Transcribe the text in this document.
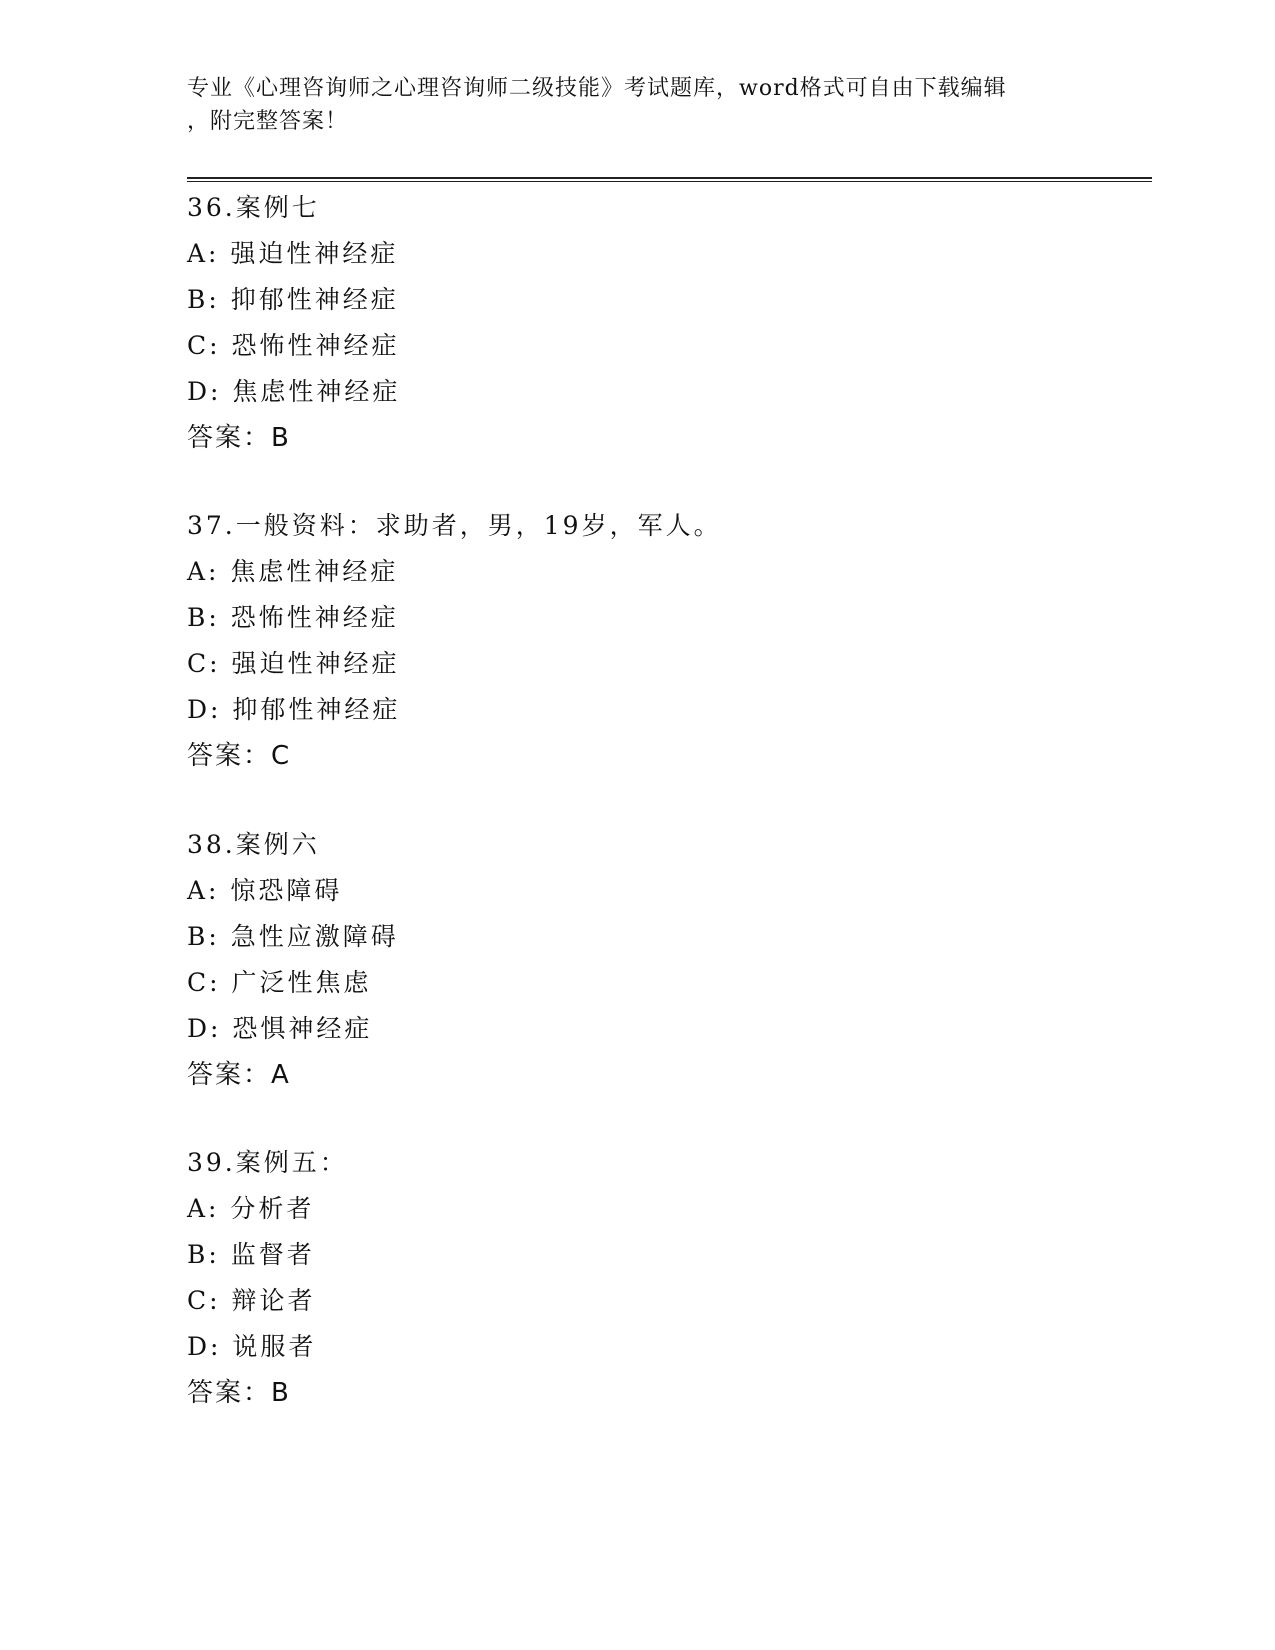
专业《心理咨询师之心理咨询师二级技能》考试题库，word格式可自由下载编辑
，附完整答案！
36.案例七
A: 强迫性神经症
B: 抑郁性神经症
C: 恐怖性神经症
D: 焦虑性神经症
答案：B
37.一般资料：求助者，男，19岁，军人。
A: 焦虑性神经症
B: 恐怖性神经症
C: 强迫性神经症
D: 抑郁性神经症
答案：C
38.案例六
A: 惊恐障碍
B: 急性应激障碍
C: 广泛性焦虑
D: 恐惧神经症
答案：A
39.案例五：
A: 分析者
B: 监督者
C: 辩论者
D: 说服者
答案：B
